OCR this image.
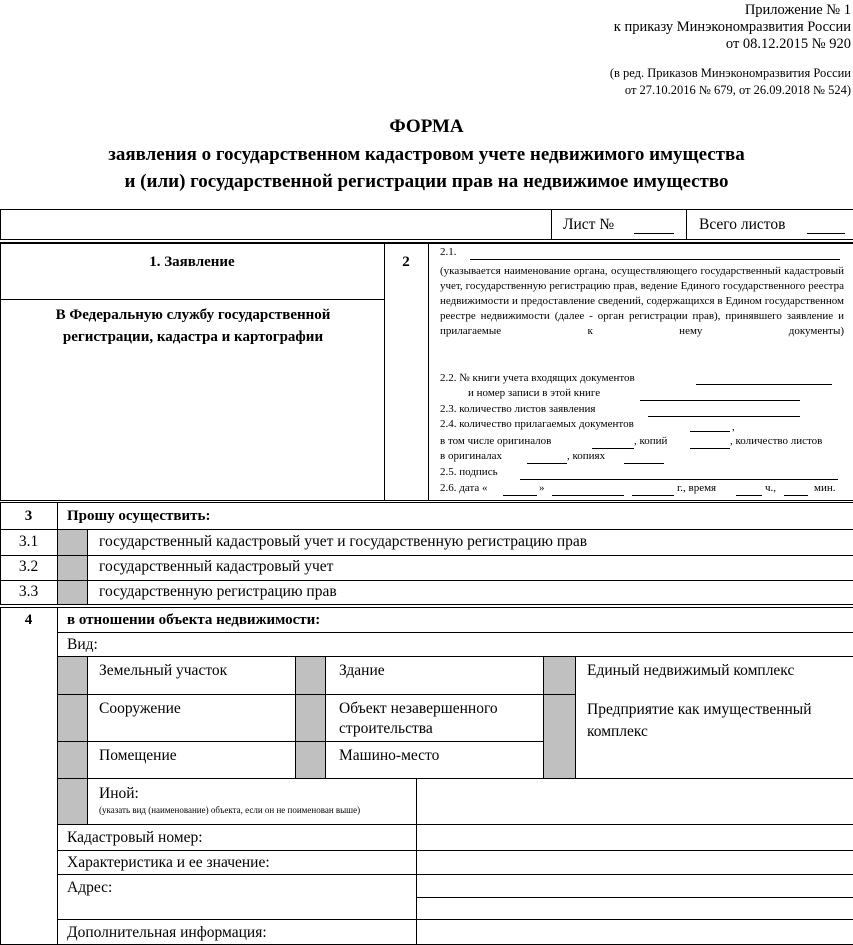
Приложение № 1
к приказу Минэкономразвития России
от 08.12.2015 № 920
(в ред. Приказов Минэкономразвития России
от 27.10.2016 № 679, от 26.09.2018 № 524)
ФОРМА
заявления о государственном кадастровом учете недвижимого имущества
и (или) государственной регистрации прав на недвижимое имущество
Лист №	Всего листов
1. Заявление
В Федеральную службу государственной регистрации, кадастра и картографии
2
2.1.
(указывается наименование органа, осуществляющего государственный кадастровый учет, государственную регистрацию прав, ведение Единого государственного реестра недвижимости и предоставление сведений, содержащихся в Едином государственном реестре недвижимости (далее - орган регистрации прав), принявшего заявление и прилагаемые к нему документы)
2.2. № книги учета входящих документов
и номер записи в этой книге
2.3. количество листов заявления
2.4. количество прилагаемых документов	,
в том числе оригиналов	, копий	, количество листов
в оригиналах	, копиях
2.5. подпись
2.6. дата «	»	г., время	ч.,	мин.
3	Прошу осуществить:
3.1	государственный кадастровый учет и государственную регистрацию прав
3.2	государственный кадастровый учет
3.3	государственную регистрацию прав
4	в отношении объекта недвижимости:
Вид:
Земельный участок	Здание	Единый недвижимый комплекс
Сооружение	Объект незавершенного строительства
Предприятие как имущественный комплекс
Помещение	Машино-место
Иной:
(указать вид (наименование) объекта, если он не поименован выше)
Кадастровый номер:
Характеристика и ее значение:
Адрес:
Дополнительная информация:
